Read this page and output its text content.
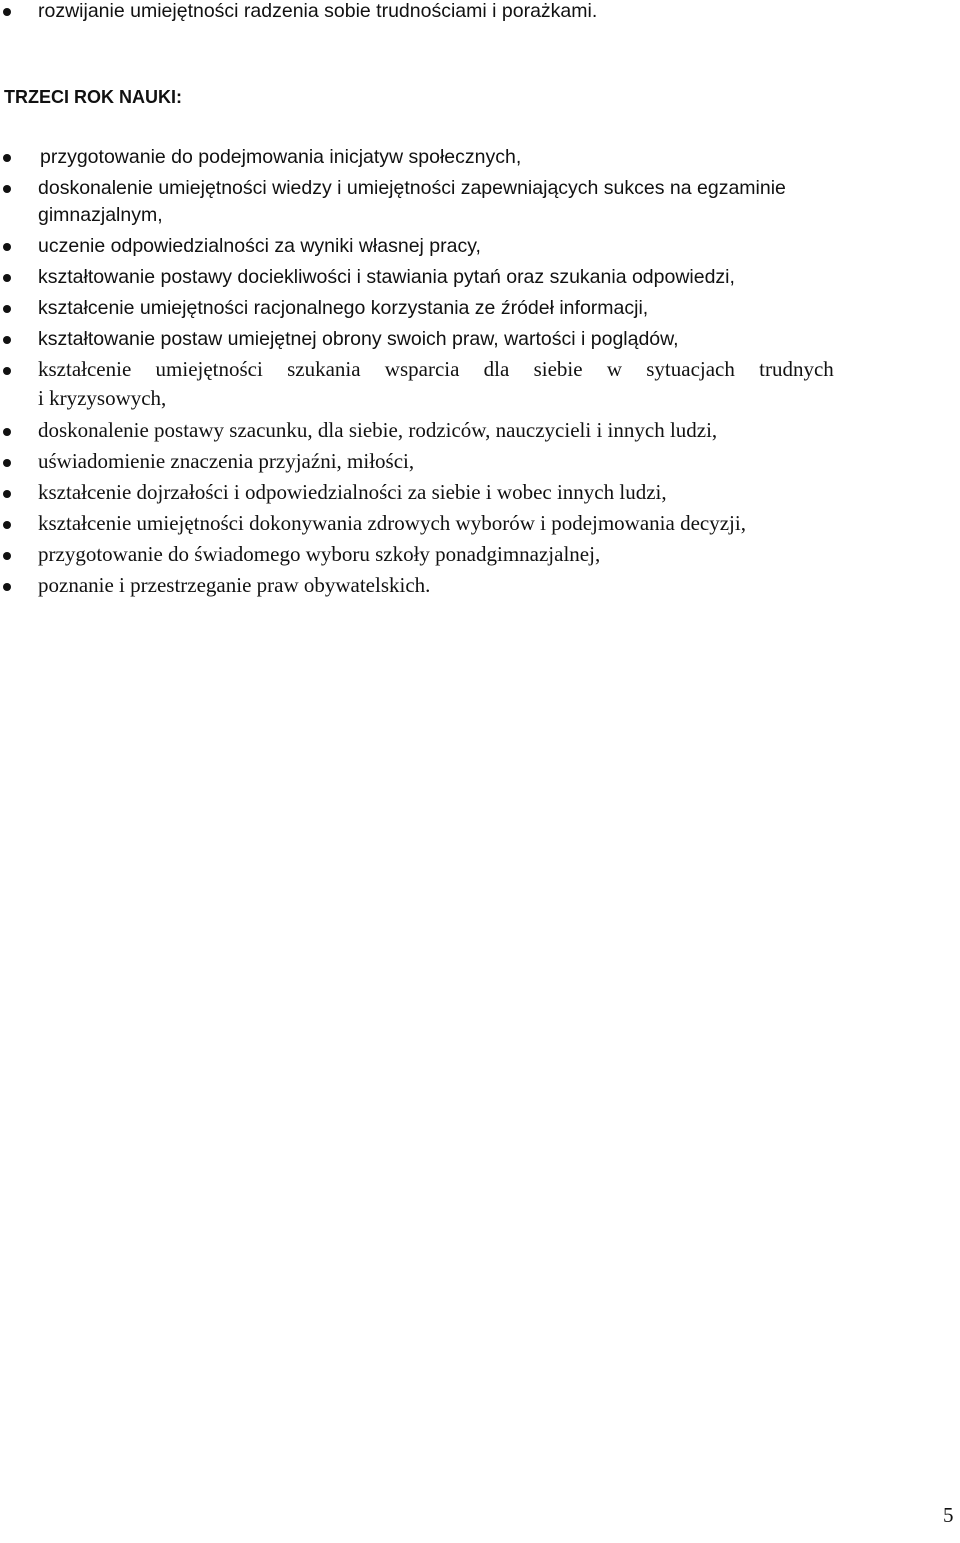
rozwijanie umiejętności radzenia sobie trudnościami i porażkami.
TRZECI ROK NAUKI:
przygotowanie do podejmowania inicjatyw społecznych,
doskonalenie umiejętności wiedzy i umiejętności zapewniających sukces na egzaminie
gimnazjalnym,
uczenie odpowiedzialności za wyniki własnej pracy,
kształtowanie postawy dociekliwości i stawiania pytań oraz szukania odpowiedzi,
kształcenie umiejętności racjonalnego korzystania ze źródeł informacji,
kształtowanie postaw umiejętnej obrony swoich praw, wartości i poglądów,
kształcenie umiejętności szukania wsparcia dla siebie w sytuacjach trudnych
i kryzysowych,
doskonalenie postawy szacunku, dla siebie, rodziców, nauczycieli i innych ludzi,
uświadomienie znaczenia przyjaźni, miłości,
kształcenie dojrzałości i odpowiedzialności za siebie i wobec innych ludzi,
kształcenie umiejętności dokonywania zdrowych wyborów i podejmowania decyzji,
przygotowanie do świadomego wyboru szkoły ponadgimnazjalnej,
poznanie i przestrzeganie praw obywatelskich.
5
